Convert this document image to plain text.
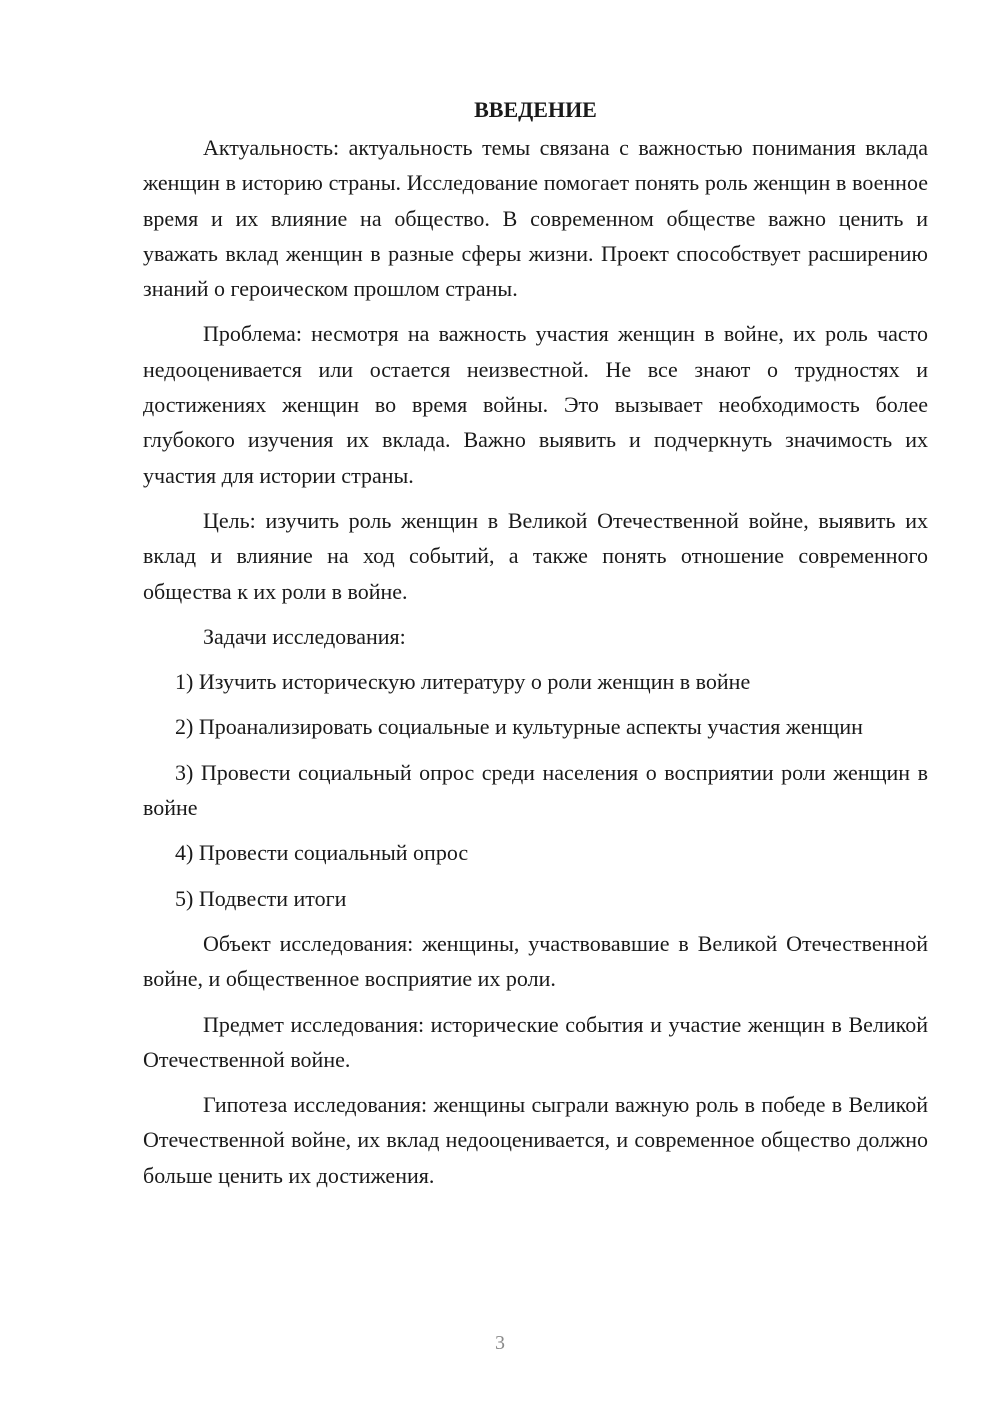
ВВЕДЕНИЕ

Актуальность: актуальность темы связана с важностью понимания вклада женщин в историю страны. Исследование помогает понять роль женщин в военное время и их влияние на общество. В современном обществе важно ценить и уважать вклад женщин в разные сферы жизни. Проект способствует расширению знаний о героическом прошлом страны.

Проблема: несмотря на важность участия женщин в войне, их роль часто недооценивается или остается неизвестной. Не все знают о трудностях и достижениях женщин во время войны. Это вызывает необходимость более глубокого изучения их вклада. Важно выявить и подчеркнуть значимость их участия для истории страны.

Цель: изучить роль женщин в Великой Отечественной войне, выявить их вклад и влияние на ход событий, а также понять отношение современного общества к их роли в войне.

Задачи исследования:

1) Изучить историческую литературу о роли женщин в войне

2) Проанализировать социальные и культурные аспекты участия женщин

3) Провести социальный опрос среди населения о восприятии роли женщин в войне

4) Провести социальный опрос

5) Подвести итоги

Объект исследования: женщины, участвовавшие в Великой Отечественной войне, и общественное восприятие их роли.

Предмет исследования: исторические события и участие женщин в Великой Отечественной войне.

Гипотеза исследования: женщины сыграли важную роль в победе в Великой Отечественной войне, их вклад недооценивается, и современное общество должно больше ценить их достижения.

3
